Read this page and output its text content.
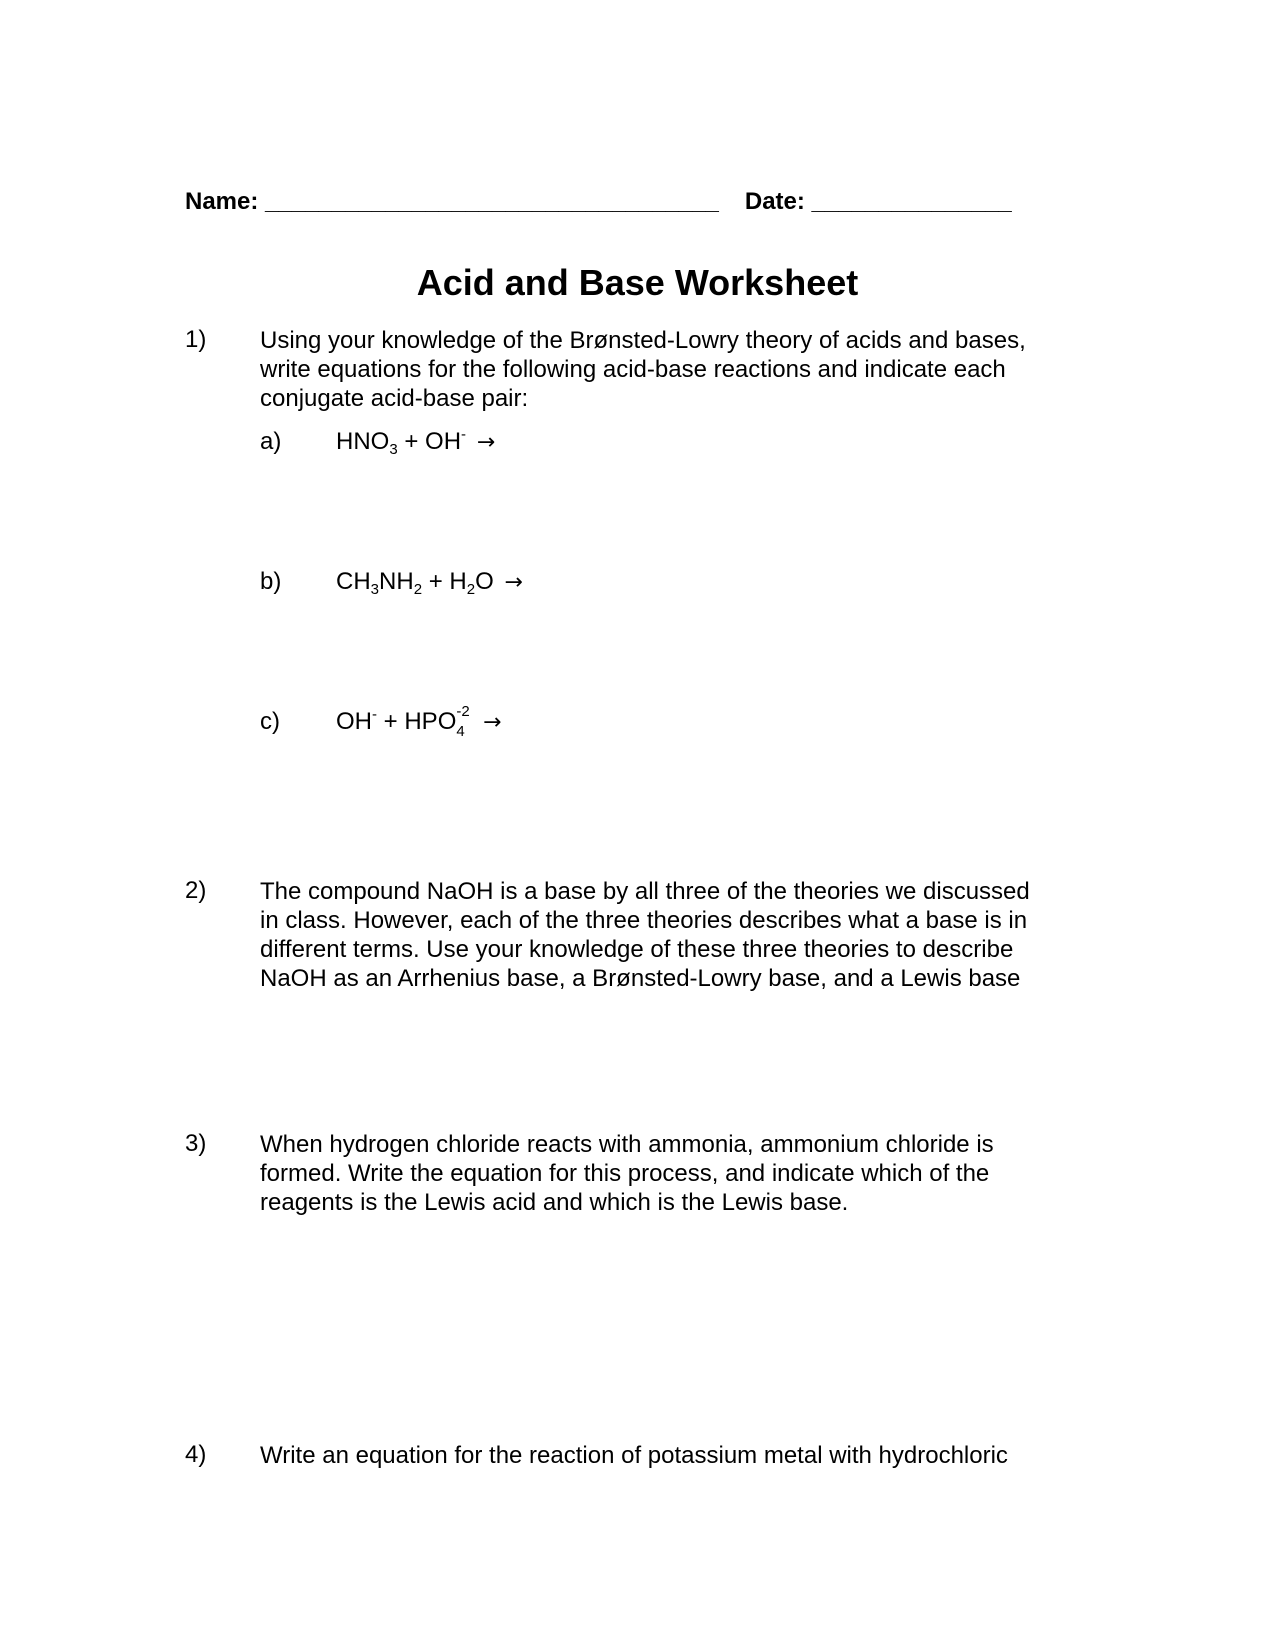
Name: __________________________________ Date: _______________
Acid and Base Worksheet
1) Using your knowledge of the Brønsted-Lowry theory of acids and bases,
write equations for the following acid-base reactions and indicate each
conjugate acid-base pair:
a) $HNO_3 + OH^-$ →
b) $CH_3NH_2 + H_2O$ →
c) OH- + HPO -2
4 →
2) The compound NaOH is a base by all three of the theories we discussed
in class. However, each of the three theories describes what a base is in
different terms. Use your knowledge of these three theories to describe
NaOH as an Arrhenius base, a Brønsted-Lowry base, and a Lewis base
3) When hydrogen chloride reacts with ammonia, ammonium chloride is
formed. Write the equation for this process, and indicate which of the
reagents is the Lewis acid and which is the Lewis base.
4) Write an equation for the reaction of potassium metal with hydrochloric
